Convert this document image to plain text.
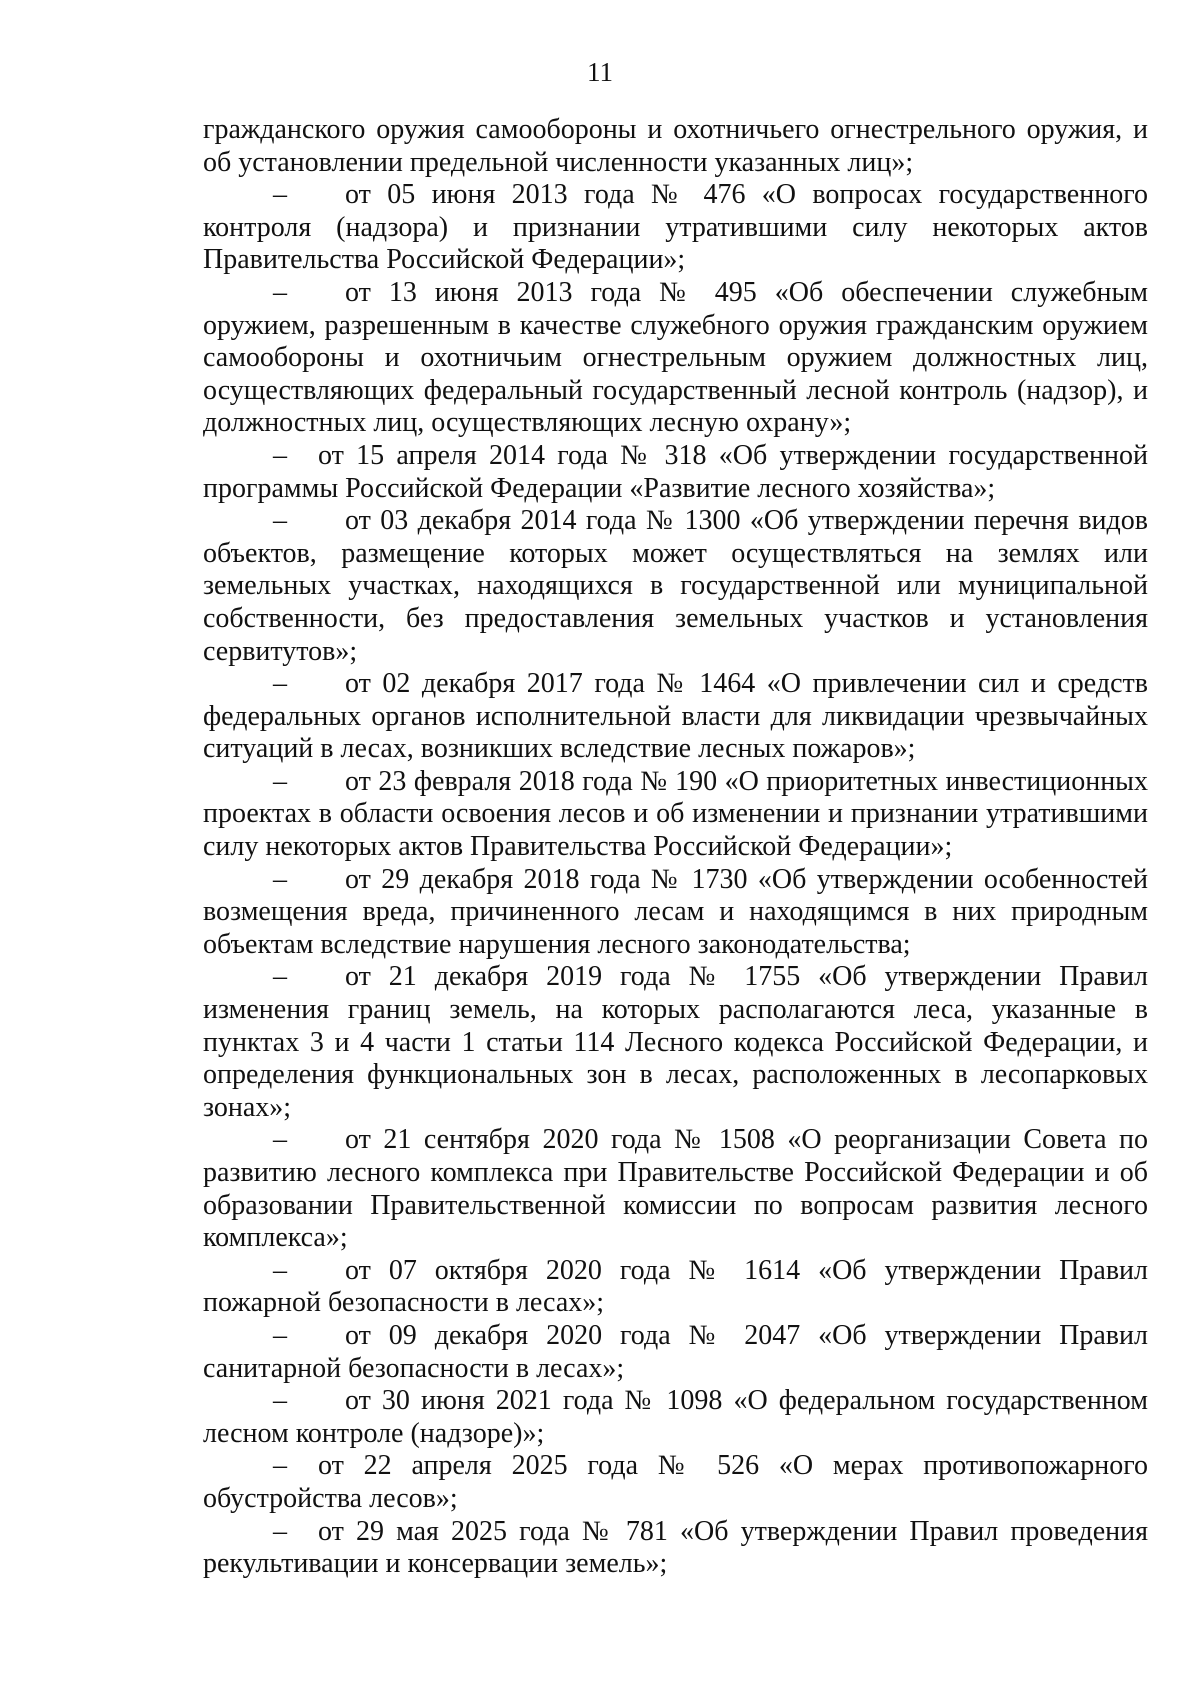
11

гражданского оружия самообороны и охотничьего огнестрельного оружия, и об установлении предельной численности указанных лиц»;

– от 05 июня 2013 года № 476 «О вопросах государственного контроля (надзора) и признании утратившими силу некоторых актов Правительства Российской Федерации»;

– от 13 июня 2013 года № 495 «Об обеспечении служебным оружием, разрешенным в качестве служебного оружия гражданским оружием самообороны и охотничьим огнестрельным оружием должностных лиц, осуществляющих федеральный государственный лесной контроль (надзор), и должностных лиц, осуществляющих лесную охрану»;

– от 15 апреля 2014 года № 318 «Об утверждении государственной программы Российской Федерации «Развитие лесного хозяйства»;

– от 03 декабря 2014 года № 1300 «Об утверждении перечня видов объектов, размещение которых может осуществляться на землях или земельных участках, находящихся в государственной или муниципальной собственности, без предоставления земельных участков и установления сервитутов»;

– от 02 декабря 2017 года № 1464 «О привлечении сил и средств федеральных органов исполнительной власти для ликвидации чрезвычайных ситуаций в лесах, возникших вследствие лесных пожаров»;

– от 23 февраля 2018 года № 190 «О приоритетных инвестиционных проектах в области освоения лесов и об изменении и признании утратившими силу некоторых актов Правительства Российской Федерации»;

– от 29 декабря 2018 года № 1730 «Об утверждении особенностей возмещения вреда, причиненного лесам и находящимся в них природным объектам вследствие нарушения лесного законодательства;

– от 21 декабря 2019 года № 1755 «Об утверждении Правил изменения границ земель, на которых располагаются леса, указанные в пунктах 3 и 4 части 1 статьи 114 Лесного кодекса Российской Федерации, и определения функциональных зон в лесах, расположенных в лесопарковых зонах»;

– от 21 сентября 2020 года № 1508 «О реорганизации Совета по развитию лесного комплекса при Правительстве Российской Федерации и об образовании Правительственной комиссии по вопросам развития лесного комплекса»;

– от 07 октября 2020 года № 1614 «Об утверждении Правил пожарной безопасности в лесах»;

– от 09 декабря 2020 года № 2047 «Об утверждении Правил санитарной безопасности в лесах»;

– от 30 июня 2021 года № 1098 «О федеральном государственном лесном контроле (надзоре)»;

– от 22 апреля 2025 года № 526 «О мерах противопожарного обустройства лесов»;

– от 29 мая 2025 года № 781 «Об утверждении Правил проведения рекультивации и консервации земель»;
